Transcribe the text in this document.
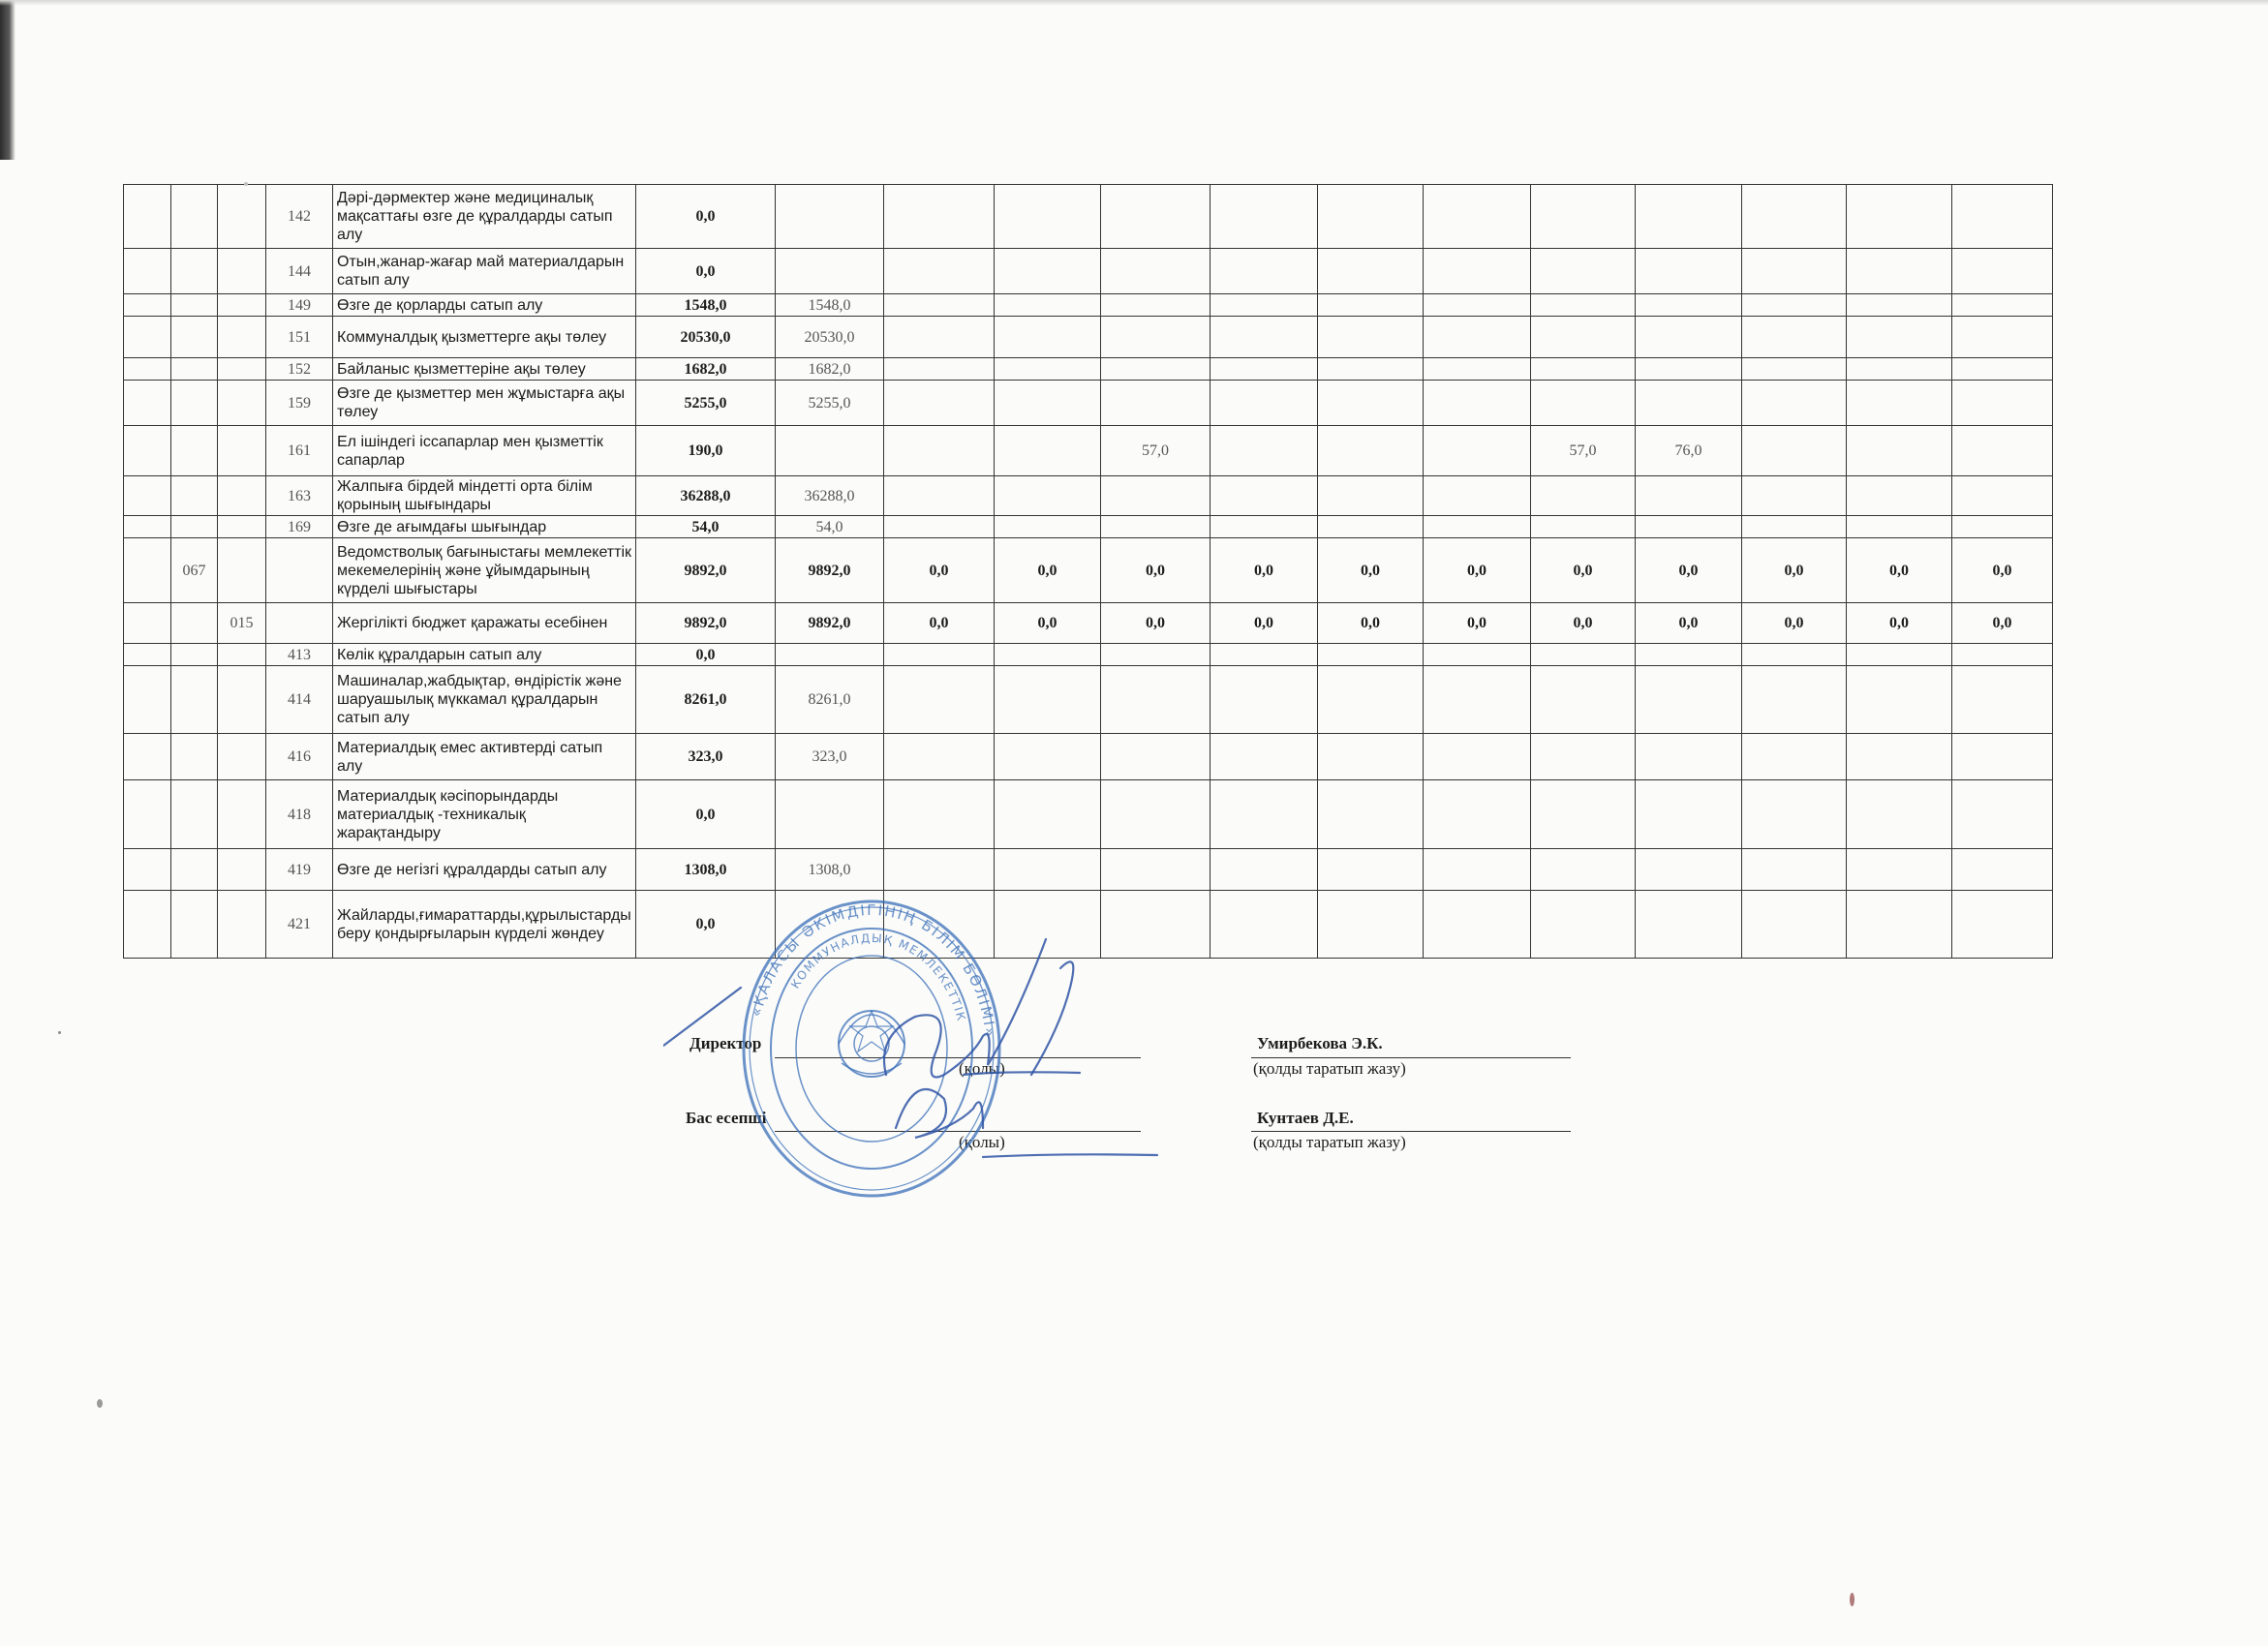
			142	Дәрі-дәрмектер және медициналық мақсаттағы өзге де құралдарды сатып алу	0,0												
			144	Отын,жанар-жағар май материалдарын сатып алу	0,0												
			149	Өзге де қорларды сатып алу	1548,0	1548,0											
			151	Коммуналдық қызметтерге ақы төлеу	20530,0	20530,0											
			152	Байланыс қызметтеріне ақы төлеу	1682,0	1682,0											
			159	Өзге де қызметтер мен жұмыстарға ақы төлеу	5255,0	5255,0											
			161	Ел ішіндегі іссапарлар мен қызметтік сапарлар	190,0				57,0				57,0	76,0			
			163	Жалпыға бірдей міндетті орта білім қорының шығындары	36288,0	36288,0											
			169	Өзге де ағымдағы шығындар	54,0	54,0											
	067			Ведомстволық бағыныстағы мемлекеттік мекемелерінің және ұйымдарының күрделі шығыстары	9892,0	9892,0	0,0	0,0	0,0	0,0	0,0	0,0	0,0	0,0	0,0	0,0	0,0
		015		Жергілікті бюджет қаражаты есебінен	9892,0	9892,0	0,0	0,0	0,0	0,0	0,0	0,0	0,0	0,0	0,0	0,0	0,0
			413	Көлік құралдарын сатып алу	0,0												
			414	Машиналар,жабдықтар, өндірістік және шаруашылық мүккамал құралдарын сатып алу	8261,0	8261,0											
			416	Материалдық емес активтерді сатып алу	323,0	323,0											
			418	Материалдық кәсіпорындарды материалдық -техникалық жарақтандыру	0,0												
			419	Өзге де негізгі құралдарды сатып алу	1308,0	1308,0											
			421	Жайларды,ғимараттарды,құрылыстарды беру қондырғыларын күрделі жөндеу	0,0												
Директор
(қолы)
Умирбекова Э.К.
(қолды таратып жазу)
Бас есепші
(қолы)
Кунтаев Д.Е.
(қолды таратып жазу)
«ҚАЛАСЫ ӘКІМДІГІНІҢ БІЛІМ БӨЛІМІ»
КОММУНАЛДЫҚ МЕМЛЕКЕТТІК
